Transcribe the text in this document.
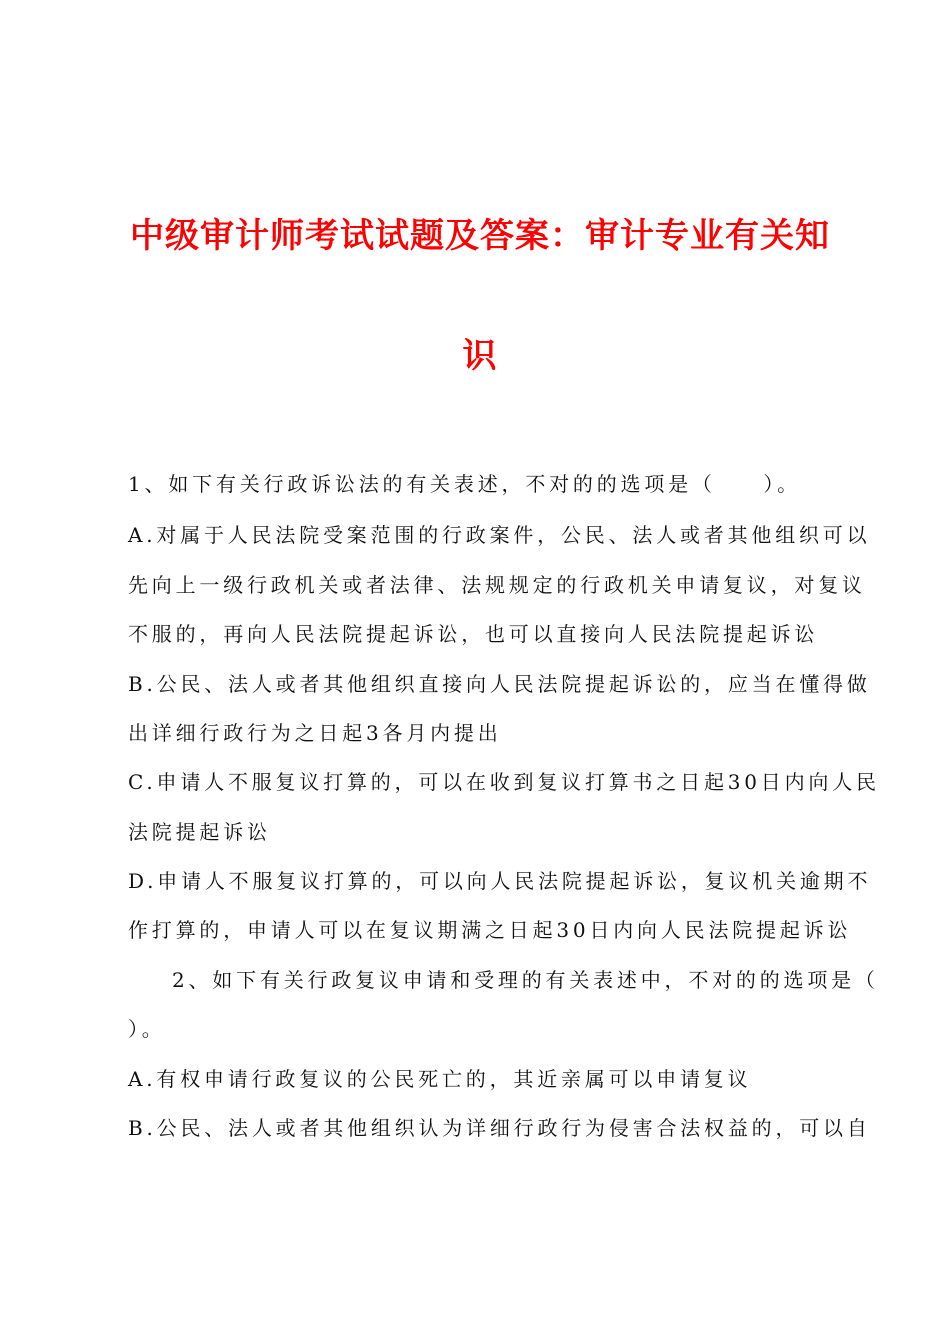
中级审计师考试试题及答案：审计专业有关知
识

1、如下有关行政诉讼法的有关表述，不对的的选项是（　　）。

A.对属于人民法院受案范围的行政案件，公民、法人或者其他组织可以

先向上一级行政机关或者法律、法规规定的行政机关申请复议，对复议

不服的，再向人民法院提起诉讼，也可以直接向人民法院提起诉讼

B.公民、法人或者其他组织直接向人民法院提起诉讼的，应当在懂得做

出详细行政行为之日起3各月内提出

C.申请人不服复议打算的，可以在收到复议打算书之日起30日内向人民

法院提起诉讼

D.申请人不服复议打算的，可以向人民法院提起诉讼，复议机关逾期不

作打算的，申请人可以在复议期满之日起30日内向人民法院提起诉讼

2、如下有关行政复议申请和受理的有关表述中，不对的的选项是（

）。

A.有权申请行政复议的公民死亡的，其近亲属可以申请复议

B.公民、法人或者其他组织认为详细行政行为侵害合法权益的，可以自
